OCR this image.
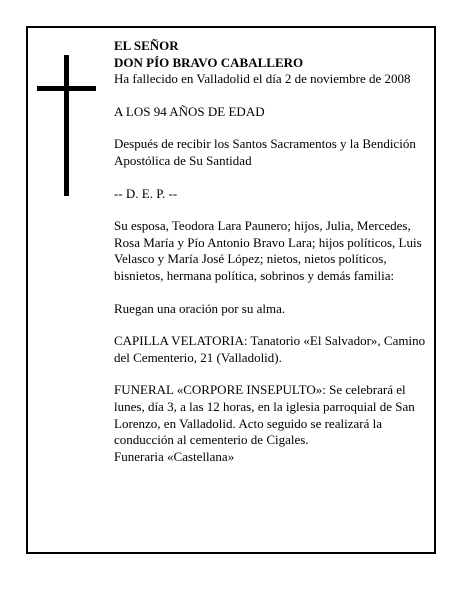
EL SEÑOR

DON PÍO BRAVO CABALLERO

Ha fallecido en Valladolid el día 2 de noviembre de 2008

A LOS 94 AÑOS DE EDAD

Después de recibir los Santos Sacramentos y la Bendición Apostólica de Su Santidad

-- D. E. P. --

Su esposa, Teodora Lara Paunero; hijos, Julia, Mercedes, Rosa María y Pío Antonio Bravo Lara; hijos políticos, Luis Velasco y María José López; nietos, nietos políticos, bisnietos, hermana política, sobrinos y demás familia:

Ruegan una oración por su alma.

CAPILLA VELATORIA: Tanatorio «El Salvador», Camino del Cementerio, 21 (Valladolid).

FUNERAL «CORPORE INSEPULTO»: Se celebrará el lunes, día 3, a las 12 horas, en la iglesia parroquial de San Lorenzo, en Valladolid. Acto seguido se realizará la conducción al cementerio de Cigales.

Funeraria «Castellana»
